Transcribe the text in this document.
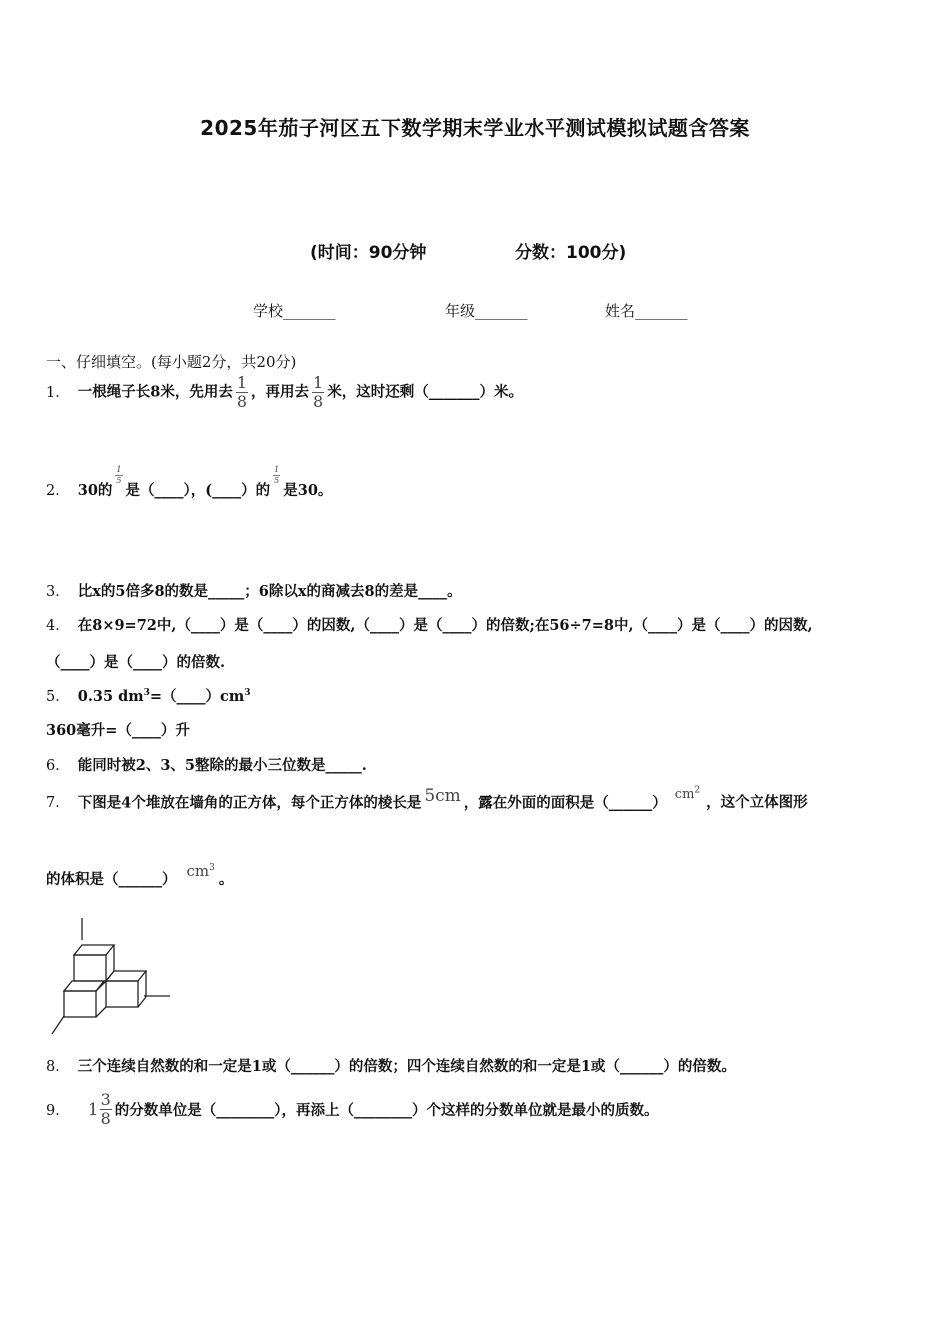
2025年茄子河区五下数学期末学业水平测试模拟试题含答案
(时间：90分钟	分数：100分)
学校_______	年级_______	姓名_______
一、仔细填空。(每小题2分，共20分)
1． 一根绳子长8米，先用去 $\frac{1}{8}$ ，再用去 $\frac{1}{8}$ 米，这时还剩（_______）米。
2． 30的
$\frac{1}{5}$
是（____），(____）的
$\frac{1}{5}$
是30。
3． 比x的5倍多8的数是_____；6除以x的商减去8的差是____。
4． 在8×9=72中,（____）是（____）的因数,（____）是（____）的倍数;在56÷7=8中,（____）是（____）的因数,
（____）是（____）的倍数.
5． 0.35 $dm^3=(\_\_\_\_)cm^3$
360毫升=（____）升
6． 能同时被2、3、5整除的最小三位数是_____.
7． 下图是4个堆放在墙角的正方体，每个正方体的棱长是 5cm ，露在外面的面积是（______） $cm^2$，这个立体图形
的体积是（______） $cm^3$。
8． 三个连续自然数的和一定是1或（______）的倍数；四个连续自然数的和一定是1或（______）的倍数。
9． $1 \frac{3}{8}$ 的分数单位是（________），再添上（________）个这样的分数单位就是最小的质数。
